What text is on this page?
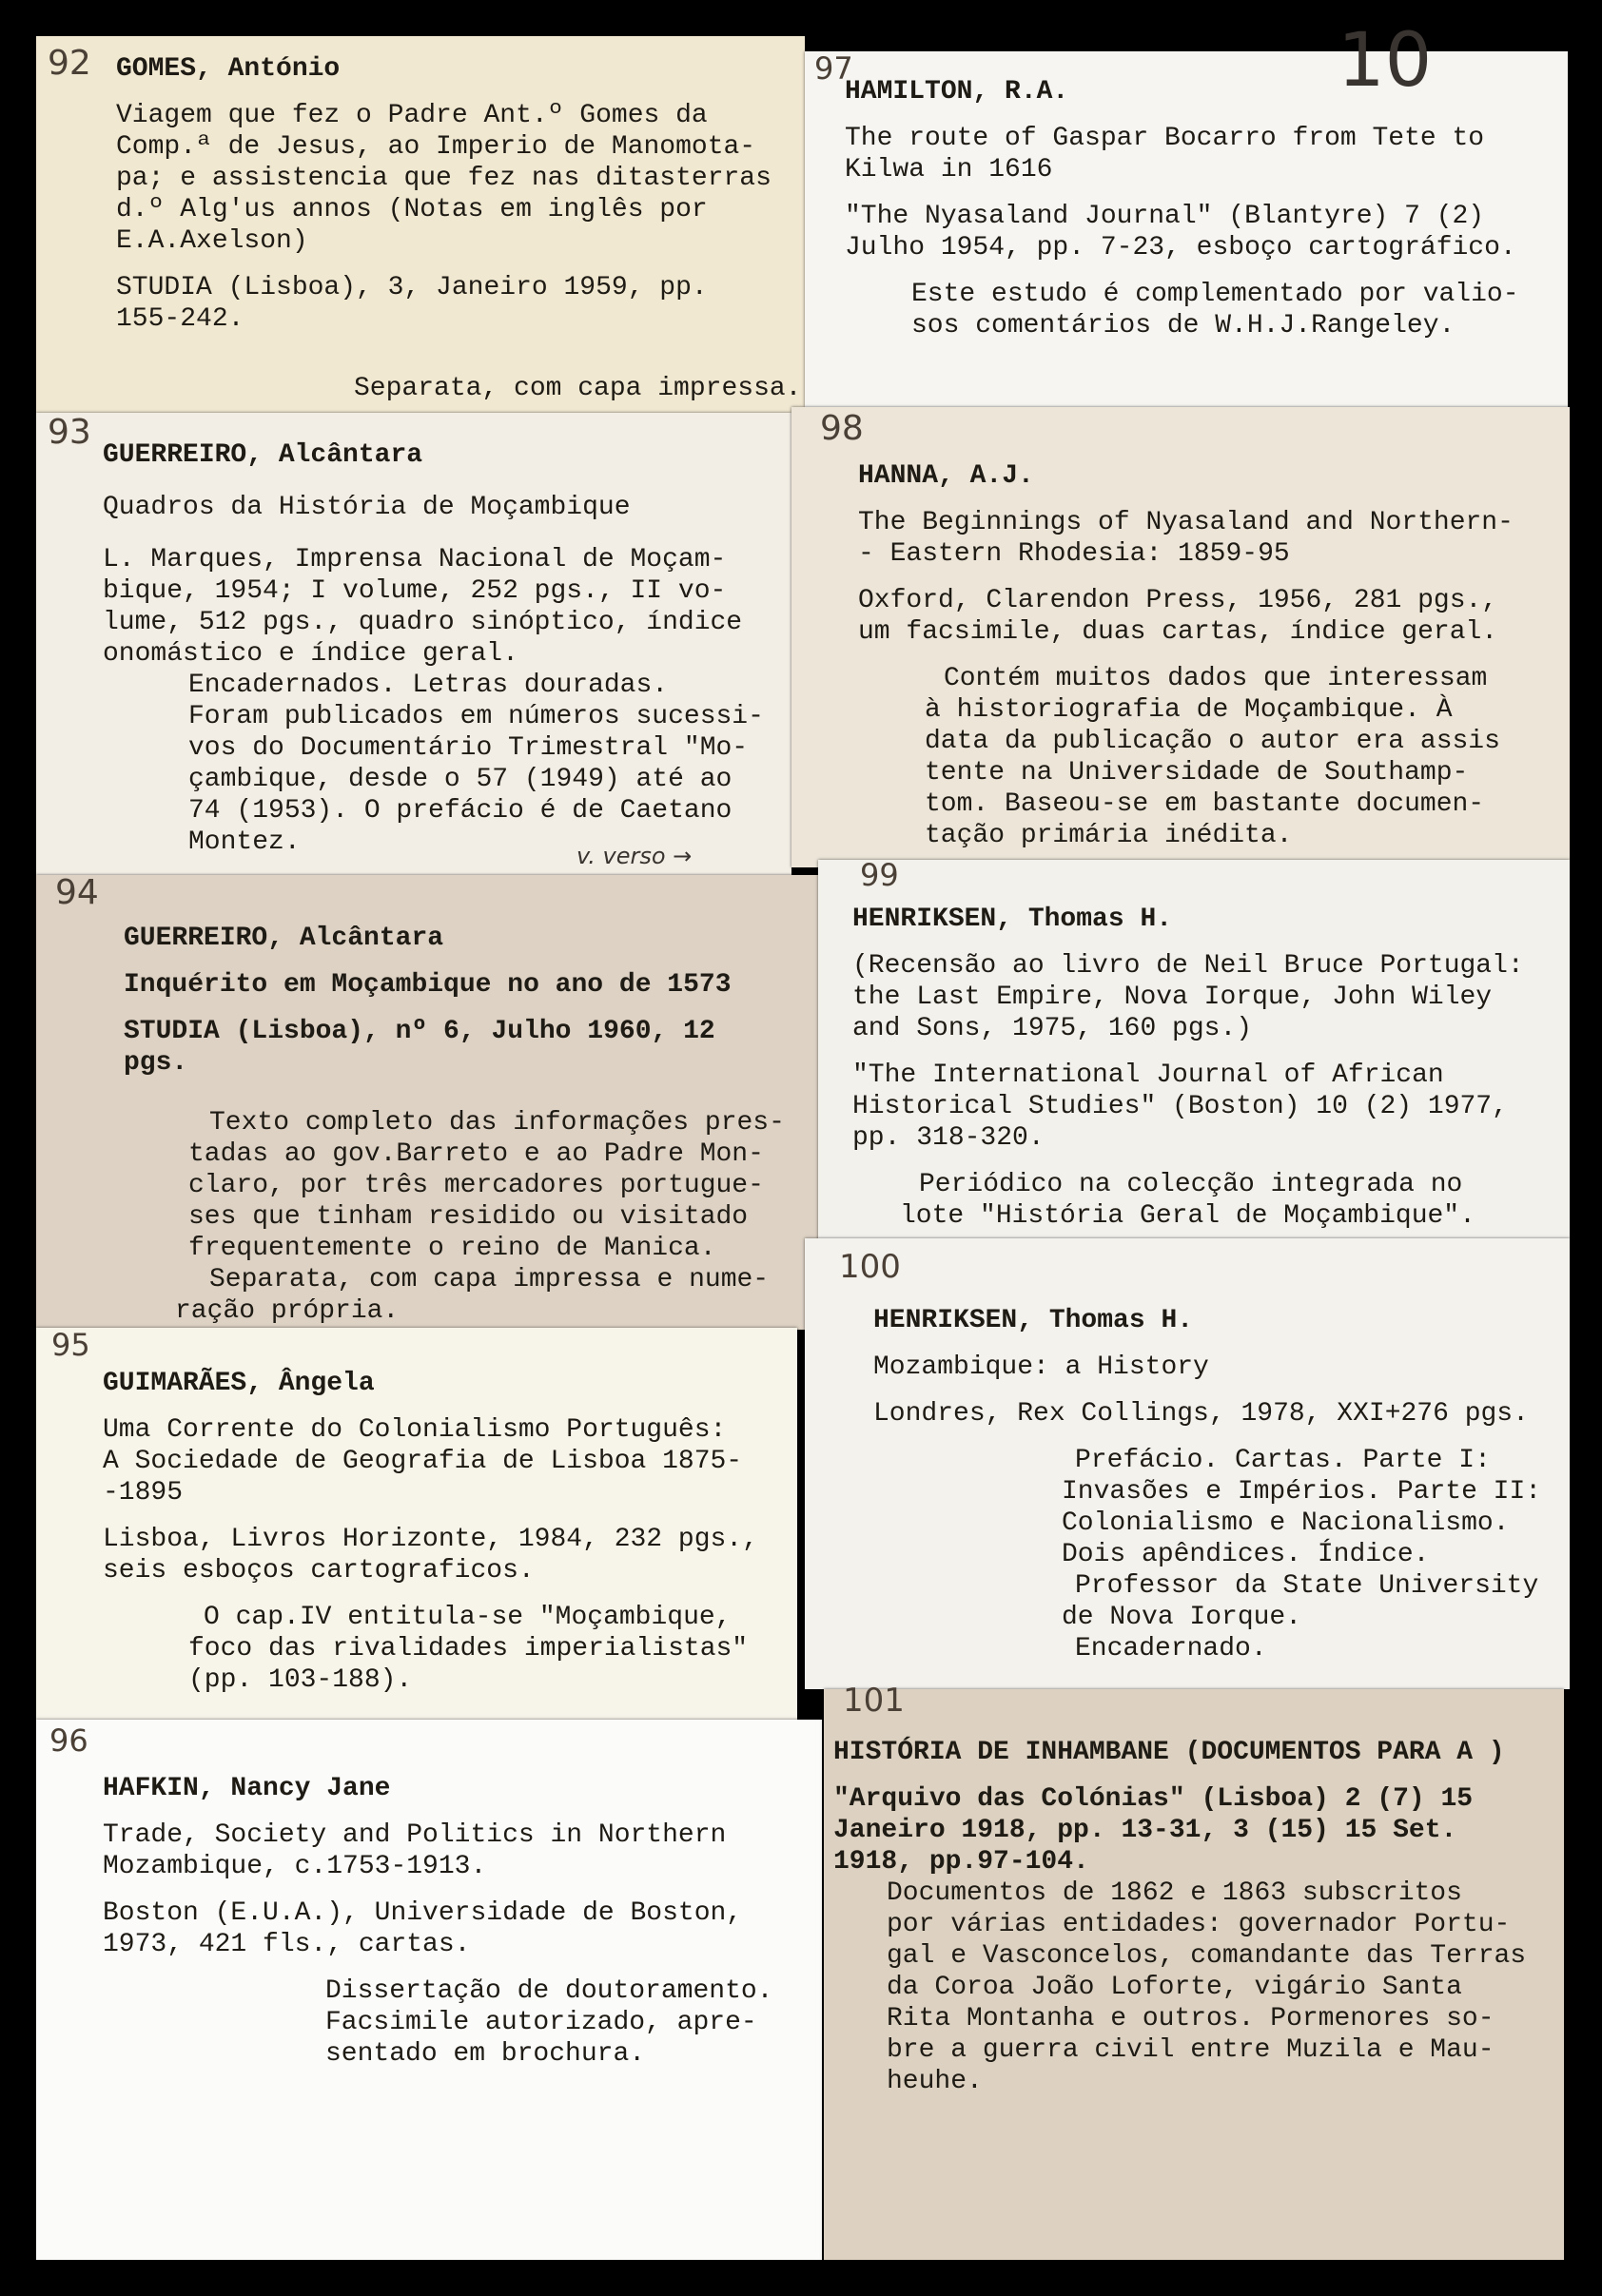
92 GOMES, António

Viagem que fez o Padre Ant.º Gomes da

Comp.ª de Jesus, ao Imperio de Manomota-

pa; e assistencia que fez nas ditasterras

d.º Alg'us annos (Notas em inglês por

E.A.Axelson)

STUDIA (Lisboa), 3, Janeiro 1959, pp.

155-242.

Separata, com capa impressa.

97	10

HAMILTON, R.A.

The route of Gaspar Bocarro from Tete to

Kilwa in 1616

"The Nyasaland Journal" (Blantyre) 7 (2)

Julho 1954, pp. 7-23, esboço cartográfico.

Este estudo é complementado por valio-

sos comentários de W.H.J.Rangeley.

93

GUERREIRO, Alcântara

Quadros da História de Moçambique

L. Marques, Imprensa Nacional de Moçam-

bique, 1954; I volume, 252 pgs., II vo-

lume, 512 pgs., quadro sinóptico, índice

onomástico e índice geral.

Encadernados. Letras douradas.

Foram publicados em números sucessi-

vos do Documentário Trimestral "Mo-

çambique, desde o 57 (1949) até ao

74 (1953). O prefácio é de Caetano

Montez.	v. verso →
98

HANNA, A.J.

The Beginnings of Nyasaland and Northern-

- Eastern Rhodesia: 1859-95

Oxford, Clarendon Press, 1956, 281 pgs.,

um facsimile, duas cartas, índice geral.

Contém muitos dados que interessam

à historiografia de Moçambique. À

data da publicação o autor era assis

tente na Universidade de Southamp-

tom. Baseou-se em bastante documen-

tação primária inédita.

94

GUERREIRO, Alcântara

Inquérito em Moçambique no ano de 1573

STUDIA (Lisboa), nº 6, Julho 1960, 12

pgs.

Texto completo das informações pres-

tadas ao gov.Barreto e ao Padre Mon-

claro, por três mercadores portugue-

ses que tinham residido ou visitado

frequentemente o reino de Manica.

Separata, com capa impressa e nume-

ração própria.

99

HENRIKSEN, Thomas H.

(Recensão ao livro de Neil Bruce Portugal:

the Last Empire, Nova Iorque, John Wiley

and Sons, 1975, 160 pgs.)

"The International Journal of African

Historical Studies" (Boston) 10 (2) 1977,

pp. 318-320.

Periódico na colecção integrada no

lote "História Geral de Moçambique".

100

HENRIKSEN, Thomas H.

Mozambique: a History

Londres, Rex Collings, 1978, XXI+276 pgs.

Prefácio. Cartas. Parte I:

Invasões e Impérios. Parte II:

Colonialismo e Nacionalismo.

Dois apêndices. Índice.

Professor da State University

de Nova Iorque.

Encadernado.

95

GUIMARÃES, Ângela

Uma Corrente do Colonialismo Português:

A Sociedade de Geografia de Lisboa 1875-

-1895

Lisboa, Livros Horizonte, 1984, 232 pgs.,

seis esboços cartograficos.

O cap.IV entitula-se "Moçambique,

foco das rivalidades imperialistas"

(pp. 103-188).

96

HAFKIN, Nancy Jane

Trade, Society and Politics in Northern

Mozambique, c.1753-1913.

Boston (E.U.A.), Universidade de Boston,

1973, 421 fls., cartas.

Dissertação de doutoramento.

Facsimile autorizado, apre-

sentado em brochura.

101

HISTÓRIA DE INHAMBANE (DOCUMENTOS PARA A )

"Arquivo das Colónias" (Lisboa) 2 (7) 15

Janeiro 1918, pp. 13-31, 3 (15) 15 Set.

1918, pp.97-104.

Documentos de 1862 e 1863 subscritos

por várias entidades: governador Portu-

gal e Vasconcelos, comandante das Terras

da Coroa João Loforte, vigário Santa

Rita Montanha e outros. Pormenores so-

bre a guerra civil entre Muzila e Mau-

heuhe.
